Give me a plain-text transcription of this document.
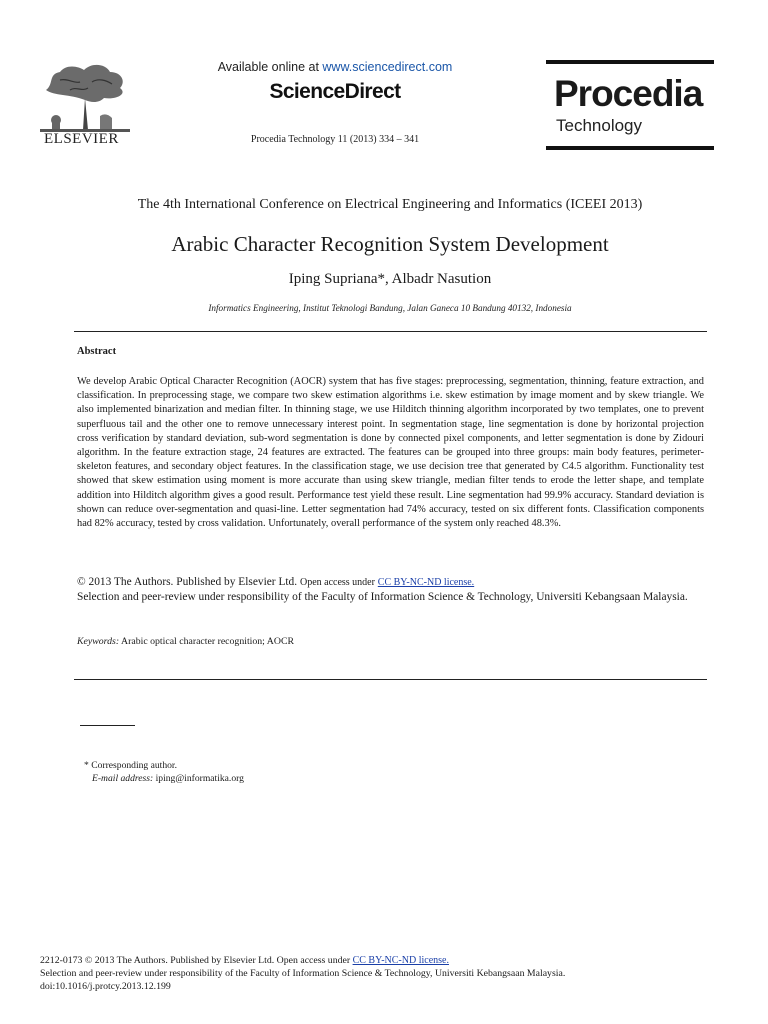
ELSEVIER
Available online at www.sciencedirect.com
ScienceDirect
Procedia Technology 11 (2013) 334 – 341
Procedia
Technology
The 4th International Conference on Electrical Engineering and Informatics (ICEEI 2013)
Arabic Character Recognition System Development
Iping Supriana*, Albadr Nasution
Informatics Engineering, Institut Teknologi Bandung, Jalan Ganeca 10 Bandung 40132, Indonesia
Abstract
We develop Arabic Optical Character Recognition (AOCR) system that has five stages: preprocessing, segmentation, thinning, feature extraction, and classification. In preprocessing stage, we compare two skew estimation algorithms i.e. skew estimation by image moment and by skew triangle. We also implemented binarization and median filter. In thinning stage, we use Hilditch thinning algorithm incorporated by two templates, one to prevent superfluous tail and the other one to remove unnecessary interest point. In segmentation stage, line segmentation is done by horizontal projection cross verification by standard deviation, sub-word segmentation is done by connected pixel components, and letter segmentation is done by Zidouri algorithm. In the feature extraction stage, 24 features are extracted. The features can be grouped into three groups: main body features, perimeter-skeleton features, and secondary object features. In the classification stage, we use decision tree that generated by C4.5 algorithm. Functionality test showed that skew estimation using moment is more accurate than using skew triangle, median filter tends to erode the letter shape, and template addition into Hilditch algorithm gives a good result. Performance test yield these result. Line segmentation had 99.9% accuracy. Standard deviation is shown can reduce over-segmentation and quasi-line. Letter segmentation had 74% accuracy, tested on six different fonts. Classification components had 82% accuracy, tested by cross validation. Unfortunately, overall performance of the system only reached 48.3%.
© 2013 The Authors. Published by Elsevier Ltd. Open access under CC BY-NC-ND license.
Selection and peer-review under responsibility of the Faculty of Information Science & Technology, Universiti Kebangsaan Malaysia.
Keywords: Arabic optical character recognition; AOCR
* Corresponding author.
E-mail address: iping@informatika.org
2212-0173 © 2013 The Authors. Published by Elsevier Ltd. Open access under CC BY-NC-ND license.
Selection and peer-review under responsibility of the Faculty of Information Science & Technology, Universiti Kebangsaan Malaysia.
doi:10.1016/j.protcy.2013.12.199
